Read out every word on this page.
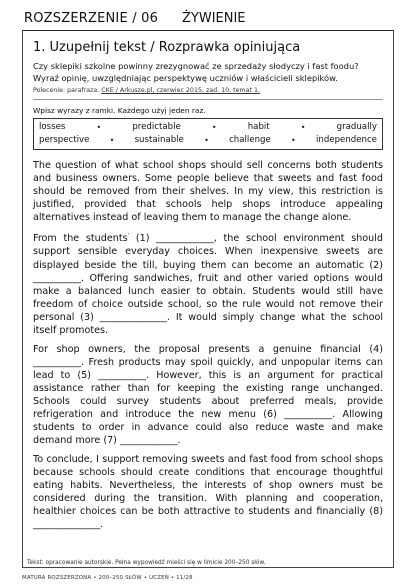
ROZSZERZENIE / 06 ŻYWIENIE
1. Uzupełnij tekst / Rozprawka opiniująca

Czy sklepiki szkolne powinny zrezygnować ze sprzedaży słodyczy i fast foodu? Wyraź opinię, uwzględniając perspektywę uczniów i właścicieli sklepików.

Polecenie: parafraza. CKE / Arkusze.pl, czerwiec 2015, zad. 10, temat 1.

Wpisz wyrazy z ramki. Każdego użyj jeden raz.

losses	•	predictable	•	habit	•	gradually
perspective	• sustainable	• challenge	• independence

The question of what school shops should sell concerns both students and business owners. Some people believe that sweets and fast food should be removed from their shelves. In my view, this restriction is justified, provided that schools help shops introduce appealing alternatives instead of leaving them to manage the change alone.

From the students’ (1) ____________, the school environment should support sensible everyday choices. When inexpensive sweets are displayed beside the till, buying them can become an automatic (2) __________. Offering sandwiches, fruit and other varied options would make a balanced lunch easier to obtain. Students would still have freedom of choice outside school, so the rule would not remove their personal (3) ______________. It would simply change what the school itself promotes.

For shop owners, the proposal presents a genuine financial (4) __________. Fresh products may spoil quickly, and unpopular items can lead to (5) __________. However, this is an argument for practical assistance rather than for keeping the existing range unchanged. Schools could survey students about preferred meals, provide refrigeration and introduce the new menu (6) __________. Allowing students to order in advance could also reduce waste and make demand more (7) ____________.

To conclude, I support removing sweets and fast food from school shops because schools should create conditions that encourage thoughtful eating habits. Nevertheless, the interests of shop owners must be considered during the transition. With planning and cooperation, healthier choices can be both attractive to students and financially (8) ______________.

Tekst: opracowanie autorskie. Pełna wypowiedź mieści się w limicie 200–250 słów.
MATURA ROZSZERZONA • 200–250 SŁÓW • UCZEŃ • 11/28
